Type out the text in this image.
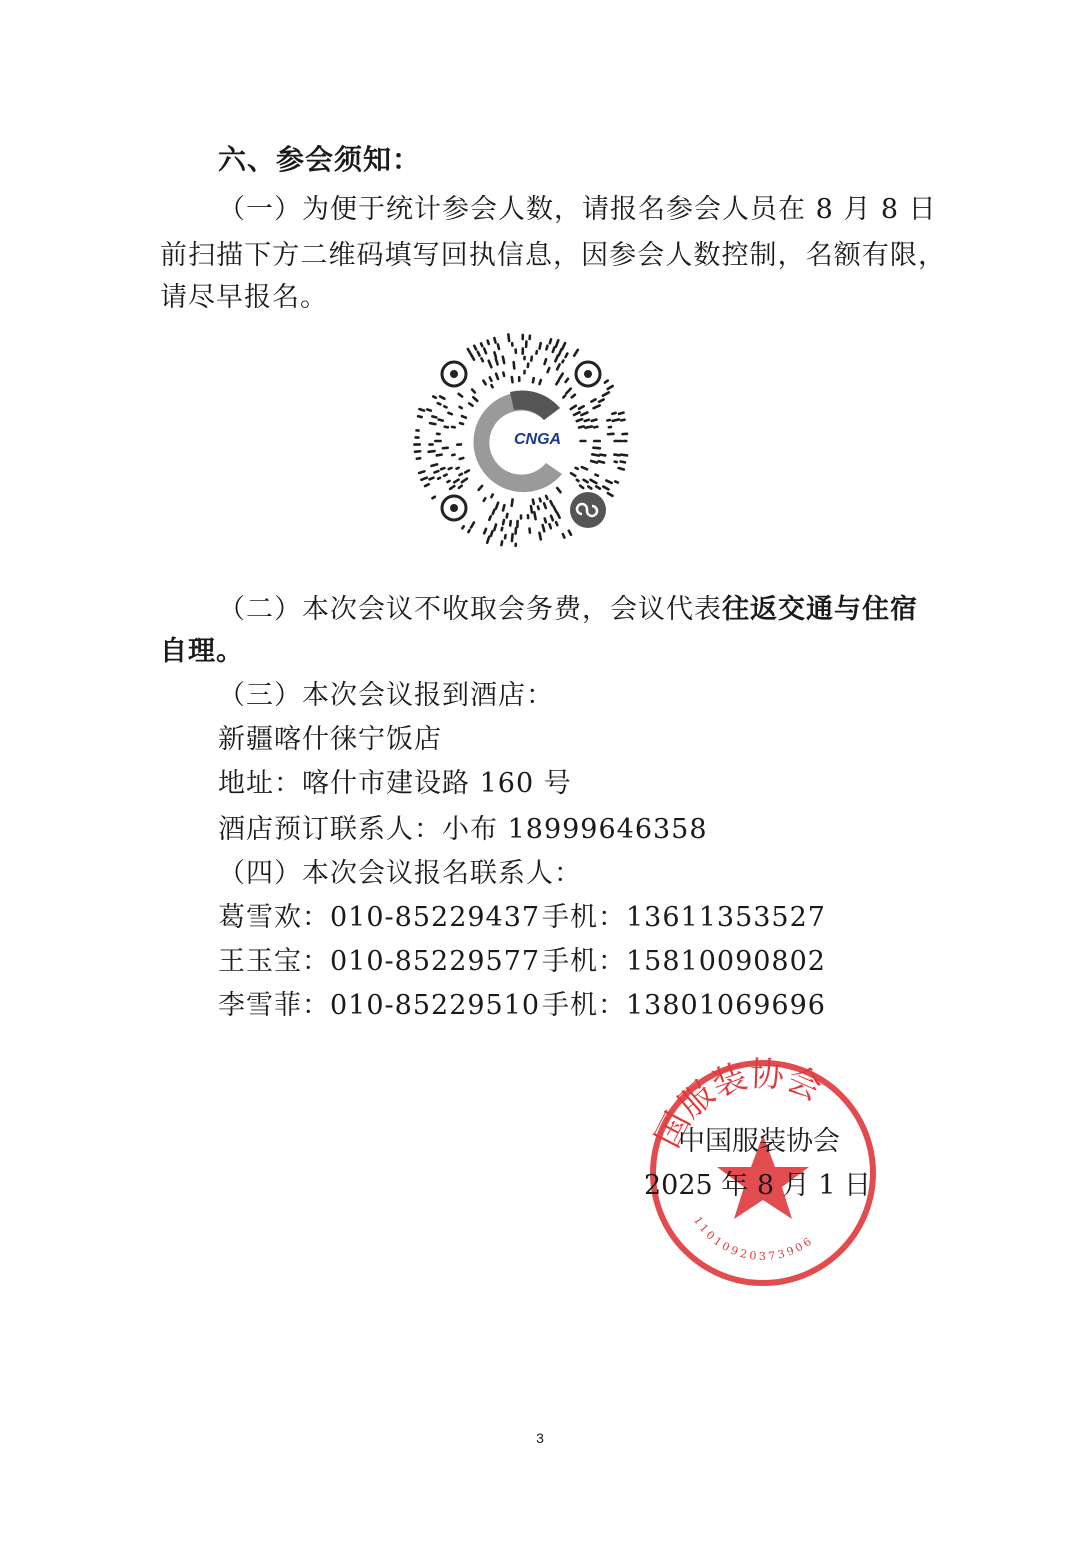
六、参会须知：
（一）为便于统计参会人数，请报名参会人员在 8 月 8 日
前扫描下方二维码填写回执信息，因参会人数控制，名额有限，
请尽早报名。
CNGA
（二）本次会议不收取会务费，会议代表往返交通与住宿
自理。
（三）本次会议报到酒店：
新疆喀什徕宁饭店
地址：喀什市建设路 160 号
酒店预订联系人：小布 18999646358
（四）本次会议报名联系人：
葛雪欢：010-85229437手机：13611353527
王玉宝：010-85229577手机：15810090802
李雪菲：010-85229510手机：13801069696
国服装协会
11010920373906
中国服装协会
2025 年 8 月 1 日
3
